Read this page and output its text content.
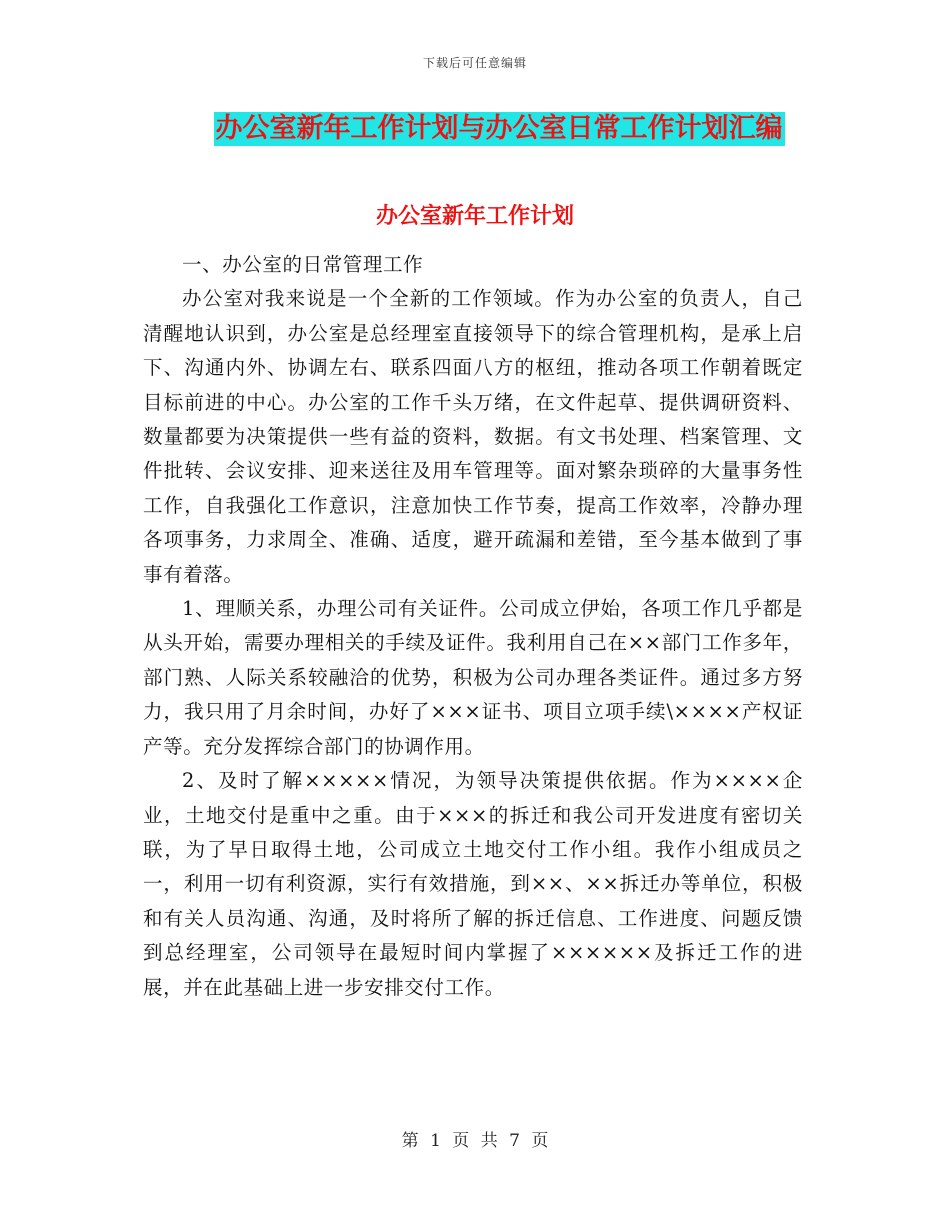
下载后可任意编辑
办公室新年工作计划与办公室日常工作计划汇编
办公室新年工作计划

一、办公室的日常管理工作

办公室对我来说是一个全新的工作领域。作为办公室的负责人，自己清醒地认识到，办公室是总经理室直接领导下的综合管理机构，是承上启下、沟通内外、协调左右、联系四面八方的枢纽，推动各项工作朝着既定目标前进的中心。办公室的工作千头万绪，在文件起草、提供调研资料、数量都要为决策提供一些有益的资料，数据。有文书处理、档案管理、文件批转、会议安排、迎来送往及用车管理等。面对繁杂琐碎的大量事务性工作，自我强化工作意识，注意加快工作节奏，提高工作效率，冷静办理各项事务，力求周全、准确、适度，避开疏漏和差错，至今基本做到了事事有着落。

1、理顺关系，办理公司有关证件。公司成立伊始，各项工作几乎都是从头开始，需要办理相关的手续及证件。我利用自己在××部门工作多年，部门熟、人际关系较融洽的优势，积极为公司办理各类证件。通过多方努力，我只用了月余时间，办好了×××证书、项目立项手续\××××产权证产等。充分发挥综合部门的协调作用。

2、及时了解×××××情况，为领导决策提供依据。作为××××企业，土地交付是重中之重。由于×××的拆迁和我公司开发进度有密切关联，为了早日取得土地，公司成立土地交付工作小组。我作小组成员之一，利用一切有利资源，实行有效措施，到××、××拆迁办等单位，积极和有关人员沟通、沟通，及时将所了解的拆迁信息、工作进度、问题反馈到总经理室，公司领导在最短时间内掌握了××××××及拆迁工作的进展，并在此基础上进一步安排交付工作。

第 1 页 共 7 页
